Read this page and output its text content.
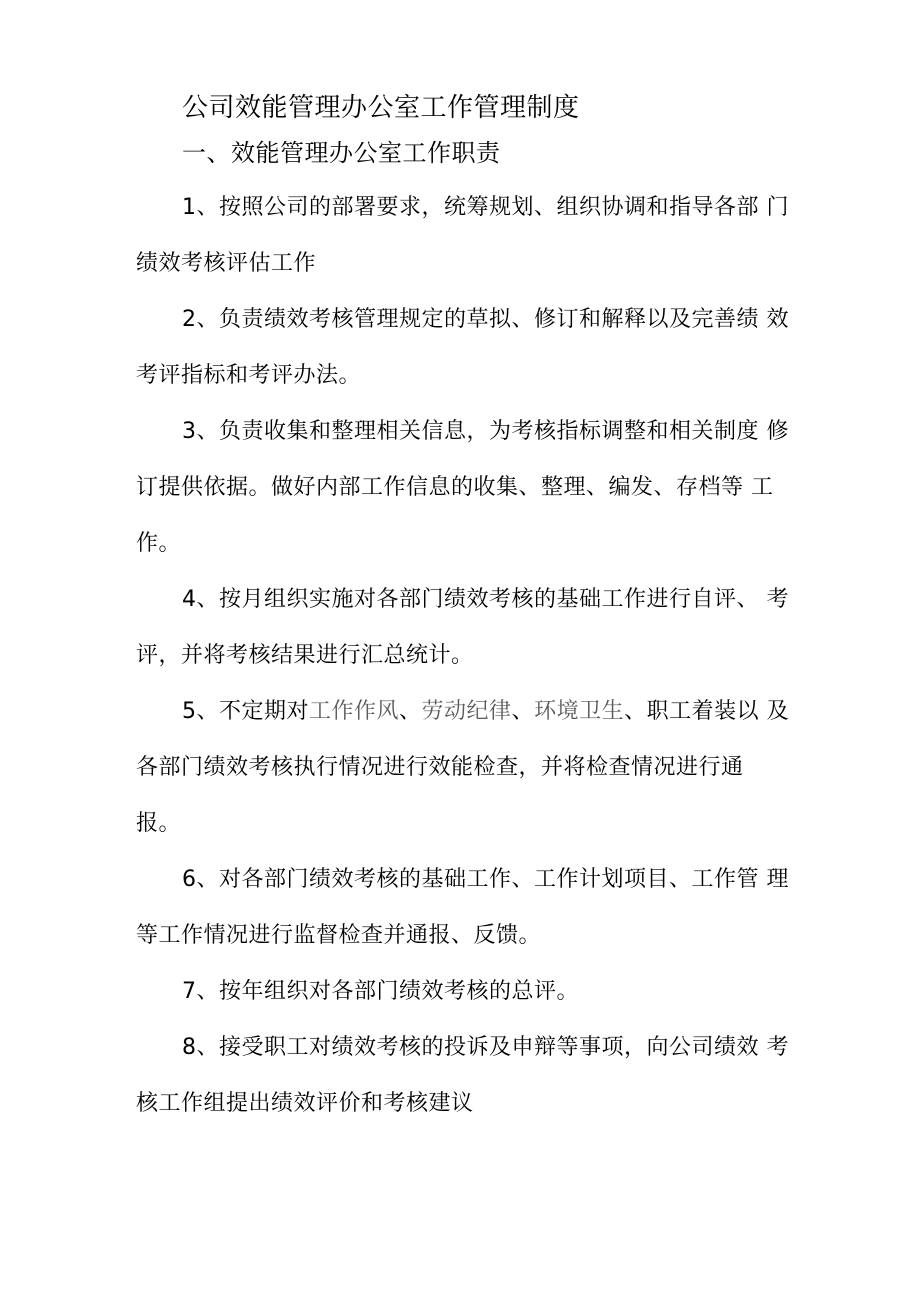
公司效能管理办公室工作管理制度
一、效能管理办公室工作职责
1、按照公司的部署要求，统筹规划、组织协调和指导各部 门
绩效考核评估工作
2、负责绩效考核管理规定的草拟、修订和解释以及完善绩 效
考评指标和考评办法。
3、负责收集和整理相关信息，为考核指标调整和相关制度 修
订提供依据。做好内部工作信息的收集、整理、编发、存档等 工
作。
4、按月组织实施对各部门绩效考核的基础工作进行自评、 考
评，并将考核结果进行汇总统计。
5、不定期对工作作风、劳动纪律、环境卫生、职工着装以 及
各部门绩效考核执行情况进行效能检查，并将检查情况进行通
报。
6、对各部门绩效考核的基础工作、工作计划项目、工作管 理
等工作情况进行监督检查并通报、反馈。
7、按年组织对各部门绩效考核的总评。
8、接受职工对绩效考核的投诉及申辩等事项，向公司绩效 考
核工作组提出绩效评价和考核建议
